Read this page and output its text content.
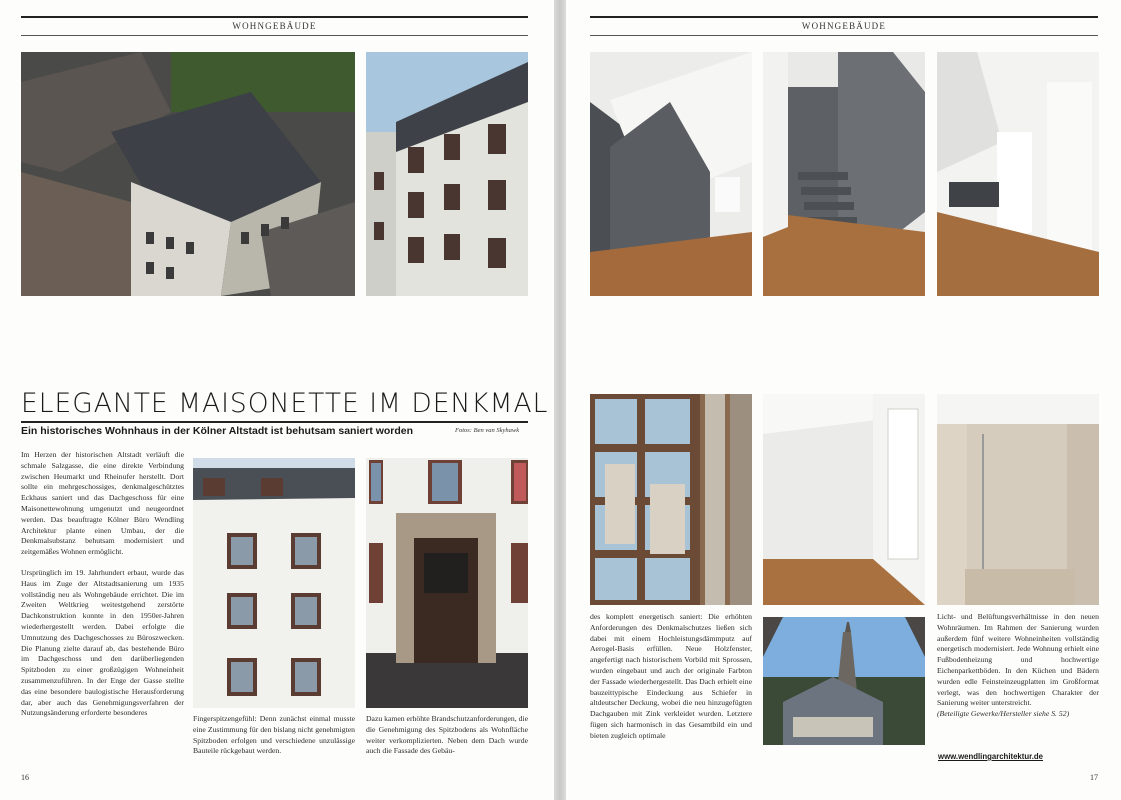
WOHNGEBÄUDE
ELEGANTE MAISONETTE IM DENKMAL
Ein historisches Wohnhaus in der Kölner Altstadt ist behutsam saniert worden	Fotos: Ben van Skyhawk

Im Herzen der historischen Altstadt verläuft die schmale Salzgasse, die eine direkte Verbindung zwischen Heumarkt und Rheinufer herstellt. Dort sollte ein mehrgeschossiges, denkmalgeschütztes Eckhaus saniert und das Dachgeschoss für eine Maisonettewohnung umgenutzt und neugeordnet werden. Das beauftragte Kölner Büro Wendling Architektur plante einen Umbau, der die Denkmalsubstanz behutsam modernisiert und zeitgemäßes Wohnen ermöglicht.

Ursprünglich im 19. Jahrhundert erbaut, wurde das Haus im Zuge der Altstadtsanierung um 1935 vollständig neu als Wohngebäude errichtet. Die im Zweiten Weltkrieg weitestgehend zerstörte Dachkonstruktion konnte in den 1950er-Jahren wiederhergestellt werden. Dabei erfolgte die Umnutzung des Dachgeschosses zu Büroszwecken. Die Planung zielte darauf ab, das bestehende Büro im Dachgeschoss und den darüberliegenden Spitzboden zu einer großzügigen Wohneinheit zusammenzuführen. In der Enge der Gasse stellte das eine besondere baulogistische Herausforderung dar, aber auch das Genehmigungsverfahren der Nutzungsänderung erforderte besonderes

Fingerspitzengefühl: Denn zunächst einmal musste eine Zustimmung für den bislang nicht genehmigten Spitzboden erfolgen und verschiedene unzulässige Bauteile rückgebaut werden.
Dazu kamen erhöhte Brandschutzanforderungen, die die Genehmigung des Spitzbodens als Wohnfläche weiter verkomplizierten. Neben dem Dach wurde auch die Fassade des Gebäu-
16
WOHNGEBÄUDE
des komplett energetisch saniert: Die erhöhten Anforderungen des Denkmalschutzes ließen sich dabei mit einem Hochleistungsdämmputz auf Aerogel-Basis erfüllen. Neue Holzfenster, angefertigt nach historischem Vorbild mit Sprossen, wurden eingebaut und auch der originale Farbton der Fassade wiederhergestellt. Das Dach erhielt eine bauzeittypische Eindeckung aus Schiefer in altdeutscher Deckung, wobei die neu hinzugefügten Dachgauben mit Zink verkleidet wurden. Letztere fügen sich harmonisch in das Gesamtbild ein und bieten zugleich optimale

Licht- und Belüftungsverhältnisse in den neuen Wohnräumen. Im Rahmen der Sanierung wurden außerdem fünf weitere Wohneinheiten vollständig energetisch modernisiert. Jede Wohnung erhielt eine Fußbodenheizung und hochwertige Eichenparkettböden. In den Küchen und Bädern wurden edle Feinsteinzeugplatten im Großformat verlegt, was den hochwertigen Charakter der Sanierung weiter unterstreicht.

(Beteiligte Gewerke/Hersteller siehe S. 52)

17
www.wendlingarchitektur.de
